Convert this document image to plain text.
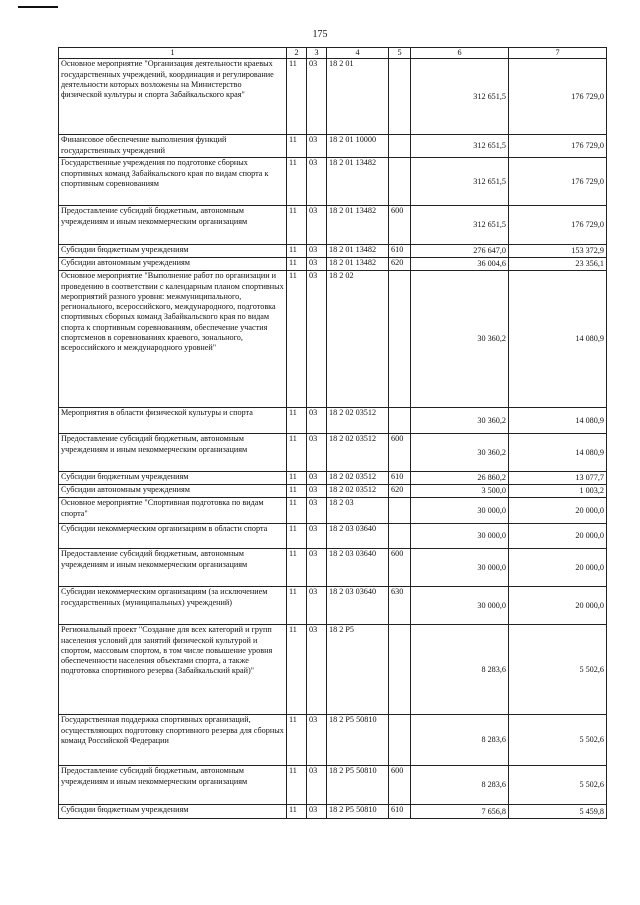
175
1	2	3	4	5	6	7
Основное мероприятие "Организация деятельности краевых государственных учреждений, координация и регулирование деятельности которых возложены на Министерство физической культуры и спорта Забайкальского края"	11	03	18 2 01		312 651,5	176 729,0
Финансовое обеспечение выполнения функций государственных учреждений	11	03	18 2 01 10000		312 651,5	176 729,0
Государственные учреждения по подготовке сборных спортивных команд Забайкальского края по видам спорта к спортивным соревнованиям	11	03	18 2 01 13482		312 651,5	176 729,0
Предоставление субсидий бюджетным, автономным учреждениям и иным некоммерческим организациям	11	03	18 2 01 13482	600	312 651,5	176 729,0
Субсидии бюджетным учреждениям	11	03	18 2 01 13482	610	276 647,0	153 372,9
Субсидии автономным учреждениям	11	03	18 2 01 13482	620	36 004,6	23 356,1
Основное мероприятие "Выполнение работ по организации и проведению в соответствии с календарным планом спортивных мероприятий разного уровня: межмуниципального, регионального, всероссийского, международного, подготовка спортивных сборных команд Забайкальского края по видам спорта к спортивным соревнованиям, обеспечение участия спортсменов в соревнованиях краевого, зонального, всероссийского и международного уровней"	11	03	18 2 02		30 360,2	14 080,9
Мероприятия в области физической культуры и спорта	11	03	18 2 02 03512		30 360,2	14 080,9
Предоставление субсидий бюджетным, автономным учреждениям и иным некоммерческим организациям	11	03	18 2 02 03512	600	30 360,2	14 080,9
Субсидии бюджетным учреждениям	11	03	18 2 02 03512	610	26 860,2	13 077,7
Субсидии автономным учреждениям	11	03	18 2 02 03512	620	3 500,0	1 003,2
Основное мероприятие "Спортивная подготовка по видам спорта"	11	03	18 2 03		30 000,0	20 000,0
Субсидии некоммерческим организациям в области спорта	11	03	18 2 03 03640		30 000,0	20 000,0
Предоставление субсидий бюджетным, автономным учреждениям и иным некоммерческим организациям	11	03	18 2 03 03640	600	30 000,0	20 000,0
Субсидии некоммерческим организациям (за исключением государственных (муниципальных) учреждений)	11	03	18 2 03 03640	630	30 000,0	20 000,0
Региональный проект "Создание для всех категорий и групп населения условий для занятий физической культурой и спортом, массовым спортом, в том числе повышение уровня обеспеченности населения объектами спорта, а также подготовка спортивного резерва (Забайкальский край)"	11	03	18 2 P5		8 283,6	5 502,6
Государственная поддержка спортивных организаций, осуществляющих подготовку спортивного резерва для сборных команд Российской Федерации	11	03	18 2 P5 50810		8 283,6	5 502,6
Предоставление субсидий бюджетным, автономным учреждениям и иным некоммерческим организациям	11	03	18 2 P5 50810	600	8 283,6	5 502,6
Субсидии бюджетным учреждениям	11	03	18 2 P5 50810	610	7 656,8	5 459,8
